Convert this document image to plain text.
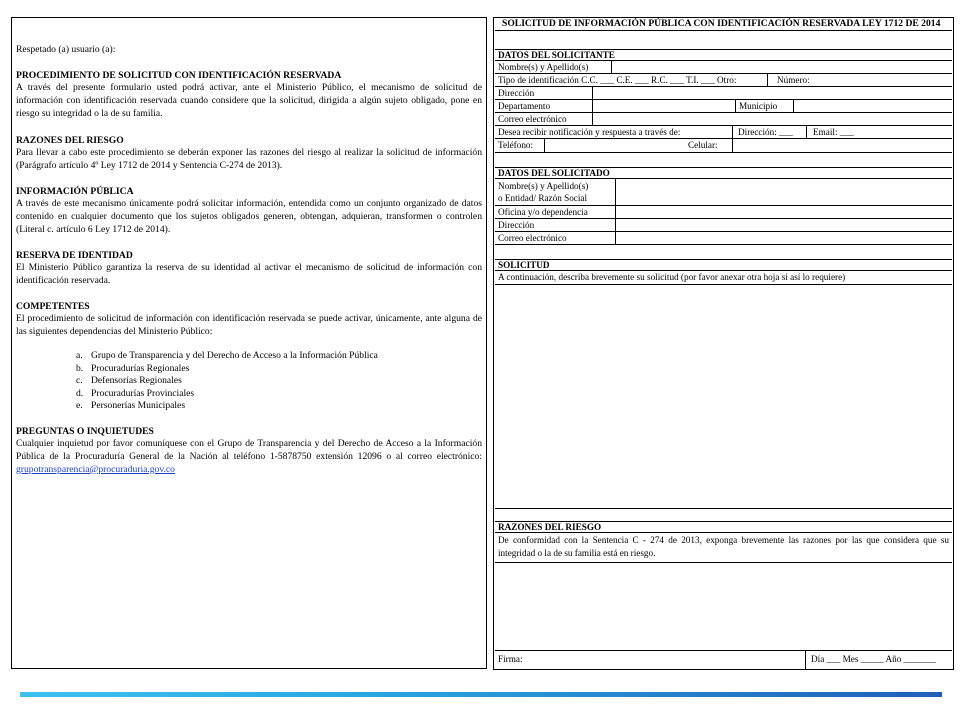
Respetado (a) usuario (a):
PROCEDIMIENTO DE SOLICITUD CON IDENTIFICACIÓN RESERVADA
A través del presente formulario usted podrá activar, ante el Ministerio Público, el mecanismo de solicitud de información con identificación reservada cuando considere que la solicitud, dirigida a algún sujeto obligado, pone en riesgo su integridad o la de su familia.
RAZONES DEL RIESGO
Para llevar a cabo este procedimiento se deberán exponer las razones del riesgo al realizar la solicitud de información (Parágrafo artículo 4º Ley 1712 de 2014 y Sentencia C-274 de 2013).
INFORMACIÓN PÚBLICA
A través de este mecanismo únicamente podrá solicitar información, entendida como un conjunto organizado de datos contenido en cualquier documento que los sujetos obligados generen, obtengan, adquieran, transformen o controlen (Literal c. artículo 6 Ley 1712 de 2014).
RESERVA DE IDENTIDAD
El Ministerio Público garantiza la reserva de su identidad al activar el mecanismo de solicitud de información con identificación reservada.
COMPETENTES
El procedimiento de solicitud de información con identificación reservada se puede activar, únicamente, ante alguna de las siguientes dependencias del Ministerio Público:
a. Grupo de Transparencia y del Derecho de Acceso a la Información Pública
b. Procuradurías Regionales
c. Defensorías Regionales
d. Procuradurías Provinciales
e. Personerías Municipales
PREGUNTAS O INQUIETUDES
Cualquier inquietud por favor comuníquese con el Grupo de Transparencia y del Derecho de Acceso a la Información Pública de la Procuraduría General de la Nación al teléfono 1-5878750 extensión 12096 o al correo electrónico: grupotransparencia@procuraduria.gov.co
SOLICITUD DE INFORMACIÓN PÚBLICA CON IDENTIFICACIÓN RESERVADA LEY 1712 DE 2014
DATOS DEL SOLICITANTE
Nombre(s) y Apellido(s)
Tipo de identificación C.C. ___ C.E. ___ R.C. ___ T.I. ___ Otro:	Número:
Dirección
Departamento	Municipio
Correo electrónico
Desea recibir notificación y respuesta a través de:	Dirección: ___ Email: ___
Teléfono:	Celular:
DATOS DEL SOLICITADO
Nombre(s) y Apellido(s)
o Entidad/ Razón Social
Oficina y/o dependencia
Dirección
Correo electrónico
SOLICITUD
A continuación, describa brevemente su solicitud (por favor anexar otra hoja si así lo requiere)
RAZONES DEL RIESGO
De conformidad con la Sentencia C - 274 de 2013, exponga brevemente las razones por las que considera que su integridad o la de su familia está en riesgo.
Firma:	Día ___ Mes _____ Año _______
